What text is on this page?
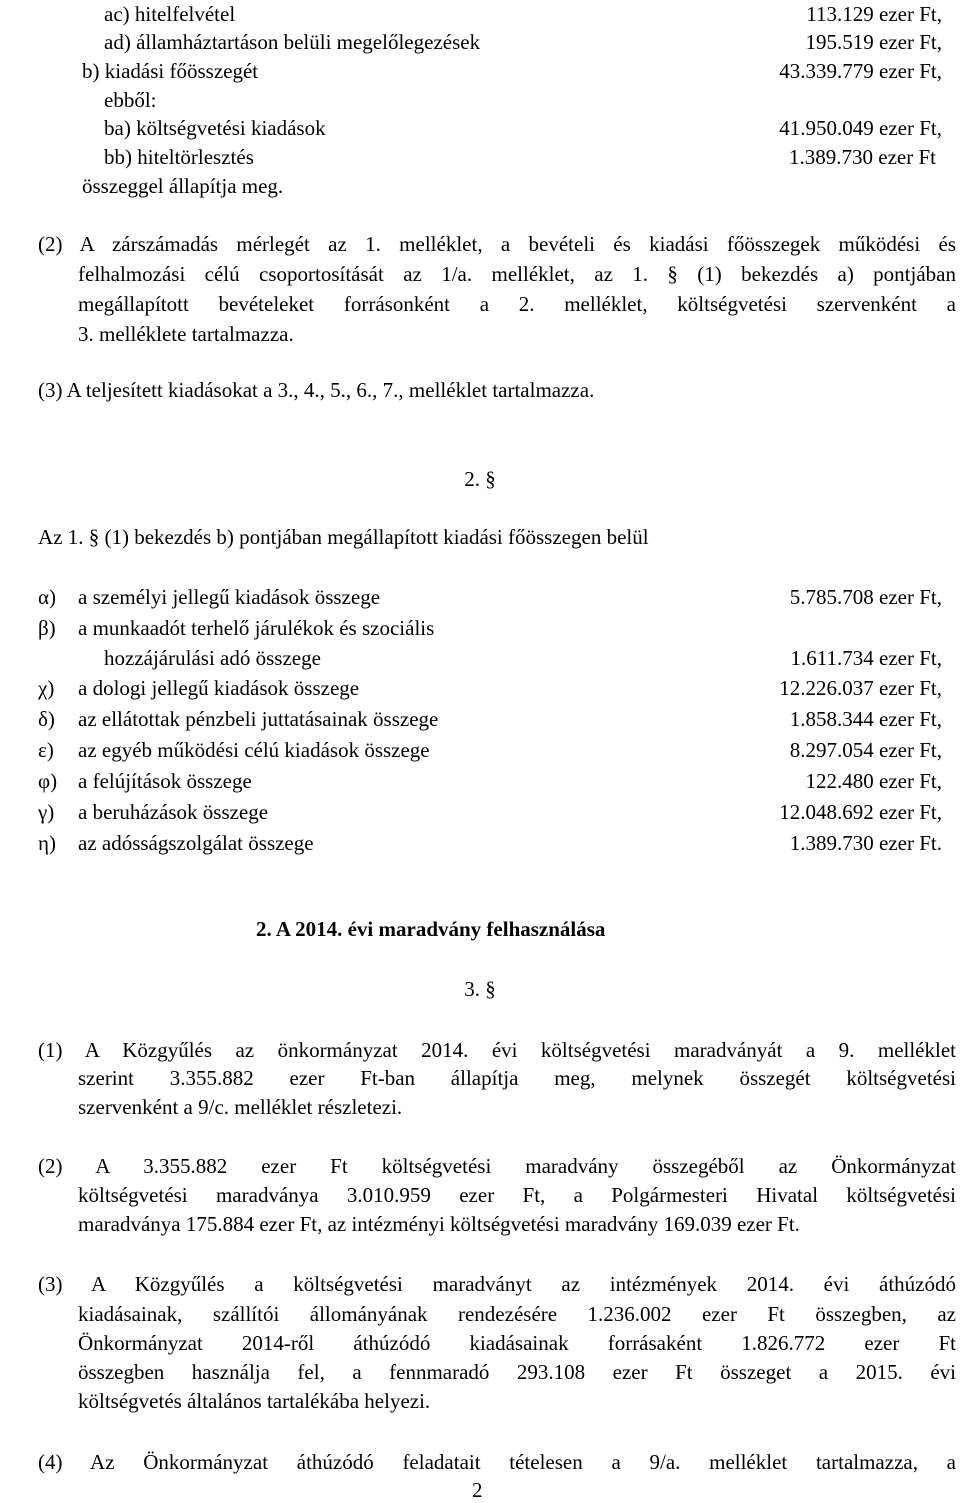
ac) hitelfelvétel	113.129 ezer Ft,
ad) államháztartáson belüli megelőlegezések	195.519 ezer Ft,
b) kiadási főösszegét	43.339.779 ezer Ft,
ebből:
ba) költségvetési kiadások	41.950.049 ezer Ft,
bb) hiteltörlesztés	1.389.730 ezer Ft
összeggel állapítja meg.
(2) A zárszámadás mérlegét az 1. melléklet, a bevételi és kiadási főösszegek működési és
felhalmozási célú csoportosítását az 1/a. melléklet, az 1. § (1) bekezdés a) pontjában
megállapított bevételeket forrásonként a 2. melléklet, költségvetési szervenként a
3. melléklete tartalmazza.
(3) A teljesített kiadásokat a 3., 4., 5., 6., 7., melléklet tartalmazza.
2. §
Az 1. § (1) bekezdés b) pontjában megállapított kiadási főösszegen belül
α)	a személyi jellegű kiadások összege	5.785.708 ezer Ft,
β)	a munkaadót terhelő járulékok és szociális
hozzájárulási adó összege	1.611.734 ezer Ft,
χ)	a dologi jellegű kiadások összege	12.226.037 ezer Ft,
δ)	az ellátottak pénzbeli juttatásainak összege	1.858.344 ezer Ft,
ε)	az egyéb működési célú kiadások összege	8.297.054 ezer Ft,
φ) a felújítások összege	122.480 ezer Ft,
γ)	a beruházások összege	12.048.692 ezer Ft,
η)	az adósságszolgálat összege	1.389.730 ezer Ft.
2. A 2014. évi maradvány felhasználása
3. §
(1) A Közgyűlés az önkormányzat 2014. évi költségvetési maradványát a 9. melléklet
szerint 3.355.882 ezer Ft-ban állapítja meg, melynek összegét költségvetési
szervenként a 9/c. melléklet részletezi.
(2) A 3.355.882 ezer Ft költségvetési maradvány összegéből az Önkormányzat
költségvetési maradványa 3.010.959 ezer Ft, a Polgármesteri Hivatal költségvetési
maradványa 175.884 ezer Ft, az intézményi költségvetési maradvány 169.039 ezer Ft.
(3) A Közgyűlés a költségvetési maradványt az intézmények 2014. évi áthúzódó
kiadásainak, szállítói állományának rendezésére 1.236.002 ezer Ft összegben, az
Önkormányzat 2014-ről áthúzódó kiadásainak forrásaként 1.826.772 ezer Ft
összegben használja fel, a fennmaradó 293.108 ezer Ft összeget a 2015. évi
költségvetés általános tartalékába helyezi.
(4) Az Önkormányzat áthúzódó feladatait tételesen a 9/a. melléklet tartalmazza, a
2
